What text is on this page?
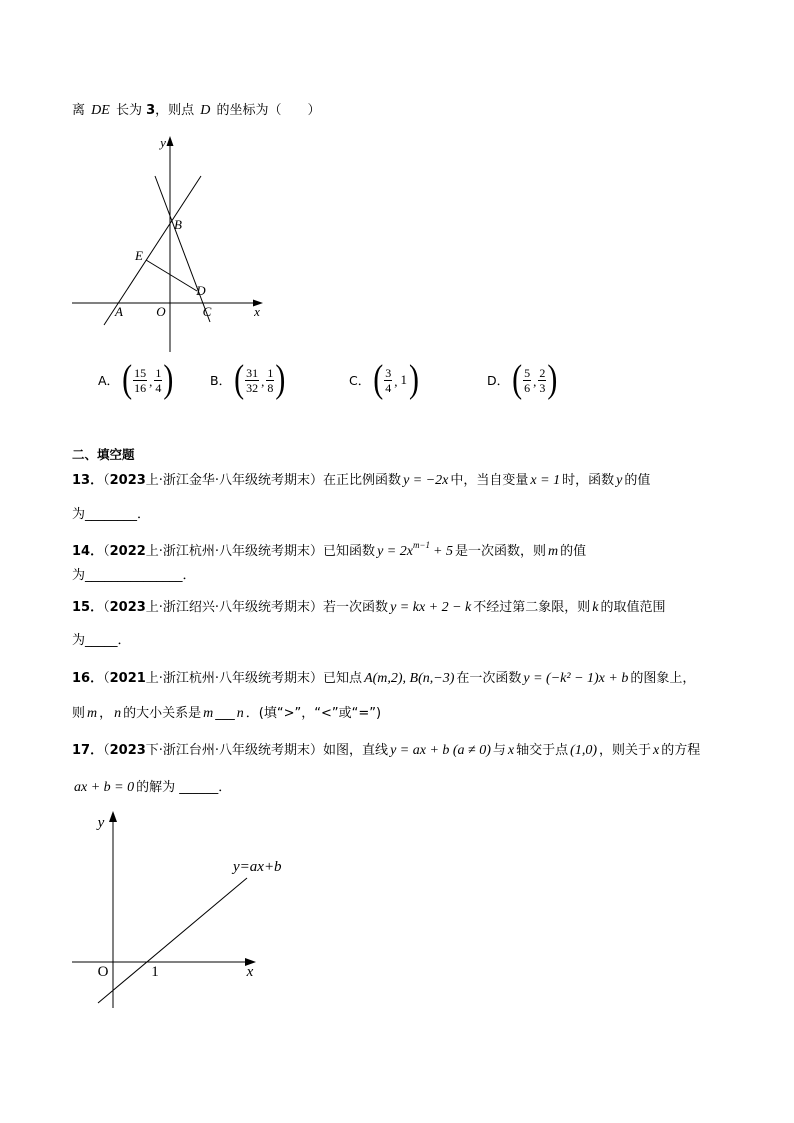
离 DE 长为 3，则点 D 的坐标为（　　）
y
B
E
D
A	O	C	x
A． ( $\frac{15}{16}$ , $\frac{1}{4}$ )	B． ( $\frac{31}{32}$ , $\frac{1}{8}$ )	C． ( $\frac{3}{4}$ , 1 )	D． ( $\frac{5}{6}$ , $\frac{2}{3}$ )
二、填空题
13．（2023上·浙江金华·八年级统考期末）在正比例函数 y = −2x 中，当自变量 x = 1 时，函数 y 的值
为________．
14．（2022上·浙江杭州·八年级统考期末）已知函数 $y = 2x^{m-1} + 5$ 是一次函数，则 m 的值
为_______________．
15．（2023上·浙江绍兴·八年级统考期末）若一次函数 y = kx + 2 − k 不经过第二象限，则 k 的取值范围
为_____．
16．（2021上·浙江杭州·八年级统考期末）已知点 A(m,2), B(n,−3) 在一次函数 y = (−k² − 1)x + b 的图象上，
则 m ， n 的大小关系是 m ___ n ．(填“>”，“<”或“=”)
17．（2023下·浙江台州·八年级统考期末）如图，直线 y = ax + b (a ≠ 0) 与 x 轴交于点 (1,0) ，则关于 x 的方程
ax + b = 0 的解为 ______．
y
y=ax+b
O	1	x
